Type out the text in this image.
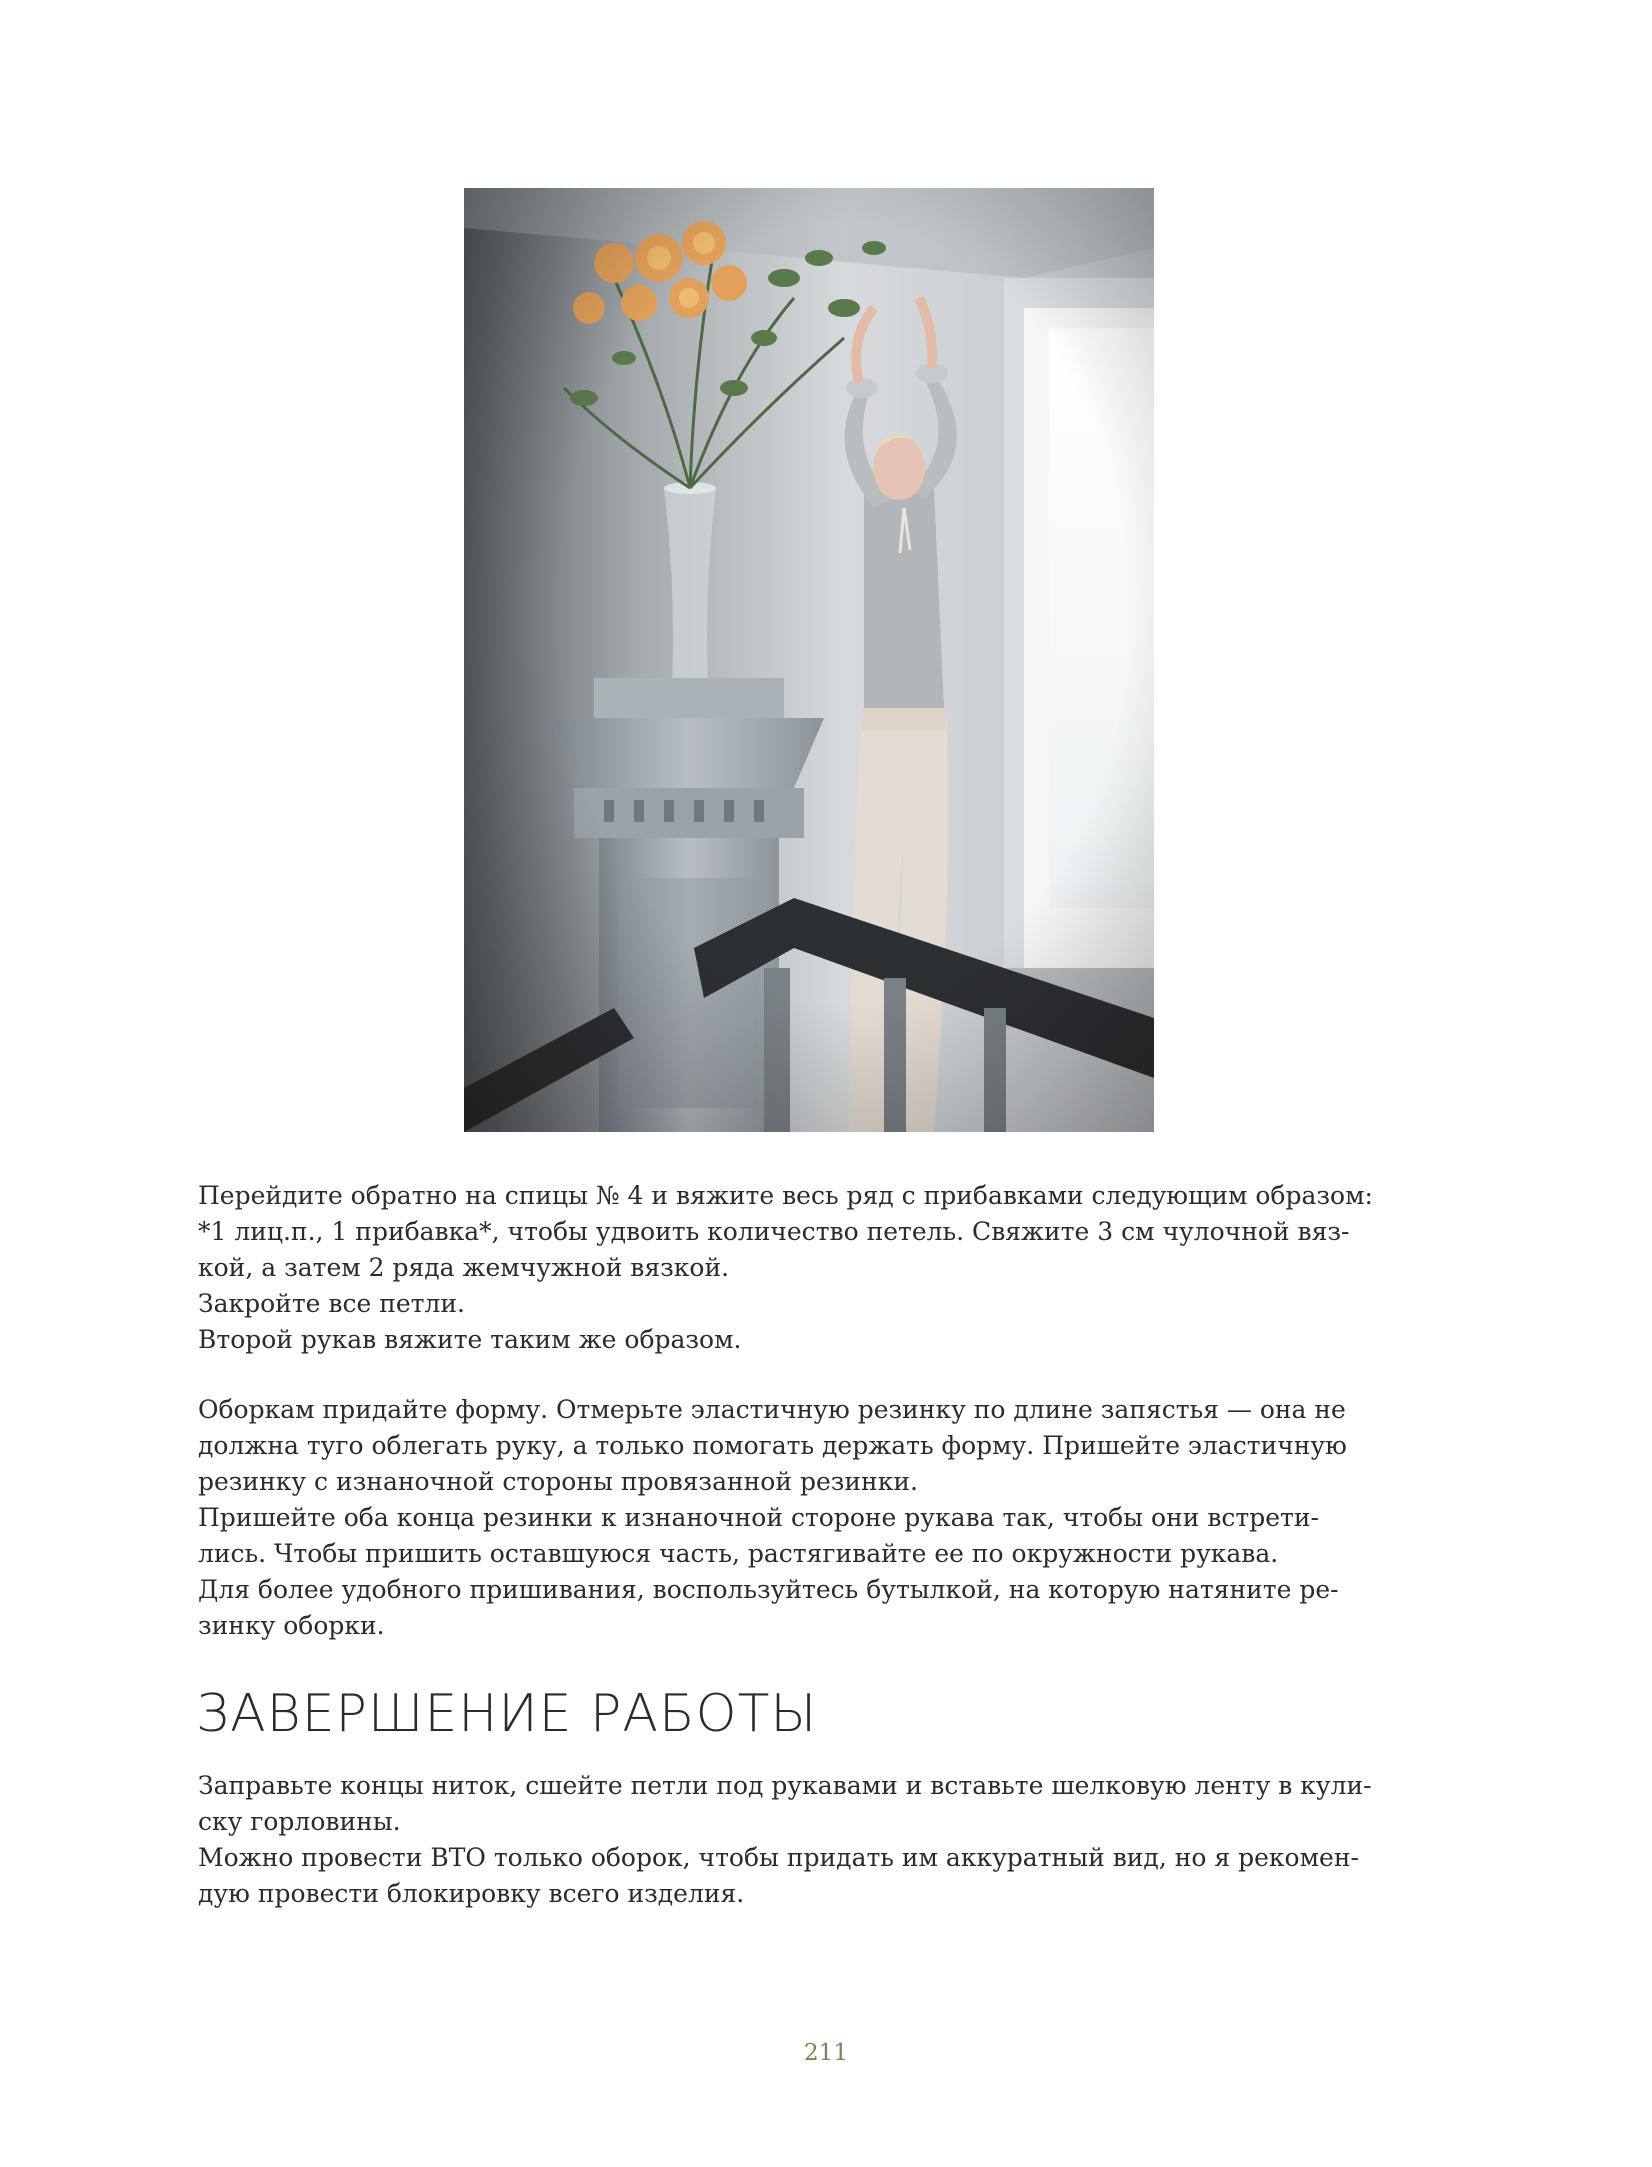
Перейдите обратно на спицы № 4 и вяжите весь ряд с прибавками следующим образом:
*1 лиц.п., 1 прибавка*, чтобы удвоить количество петель. Свяжите 3 см чулочной вяз-
кой, а затем 2 ряда жемчужной вязкой.
Закройте все петли.
Второй рукав вяжите таким же образом.

Оборкам придайте форму. Отмерьте эластичную резинку по длине запястья — она не
должна туго облегать руку, а только помогать держать форму. Пришейте эластичную
резинку с изнаночной стороны провязанной резинки.
Пришейте оба конца резинки к изнаночной стороне рукава так, чтобы они встрети-
лись. Чтобы пришить оставшуюся часть, растягивайте ее по окружности рукава.
Для более удобного пришивания, воспользуйтесь бутылкой, на которую натяните ре-
зинку оборки.

ЗАВЕРШЕНИЕ РАБОТЫ

Заправьте концы ниток, сшейте петли под рукавами и вставьте шелковую ленту в кули-
ску горловины.
Можно провести ВТО только оборок, чтобы придать им аккуратный вид, но я рекомен-
дую провести блокировку всего изделия.

211
